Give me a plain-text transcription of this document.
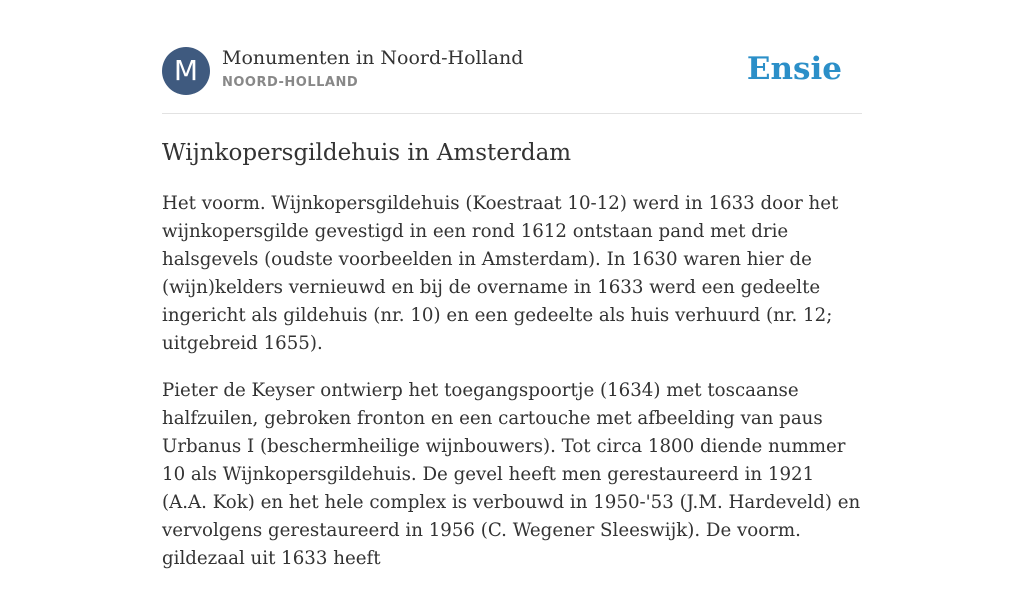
M	Monumenten in Noord-Holland
NOORD-HOLLAND	Ensie
Wijnkopersgildehuis in Amsterdam

Het voorm. Wijnkopersgildehuis (Koestraat 10-12) werd in 1633 door het wijnkopersgilde gevestigd in een rond 1612 ontstaan pand met drie halsgevels (oudste voorbeelden in Amsterdam). In 1630 waren hier de (wijn)kelders vernieuwd en bij de overname in 1633 werd een gedeelte ingericht als gildehuis (nr. 10) en een gedeelte als huis verhuurd (nr. 12; uitgebreid 1655).

Pieter de Keyser ontwierp het toegangspoortje (1634) met toscaanse halfzuilen, gebroken fronton en een cartouche met afbeelding van paus Urbanus I (beschermheilige wijnbouwers). Tot circa 1800 diende nummer 10 als Wijnkopersgildehuis. De gevel heeft men gerestaureerd in 1921 (A.A. Kok) en het hele complex is verbouwd in 1950-'53 (J.M. Hardeveld) en vervolgens gerestaureerd in 1956 (C. Wegener Sleeswijk). De voorm. gildezaal uit 1633 heeft
